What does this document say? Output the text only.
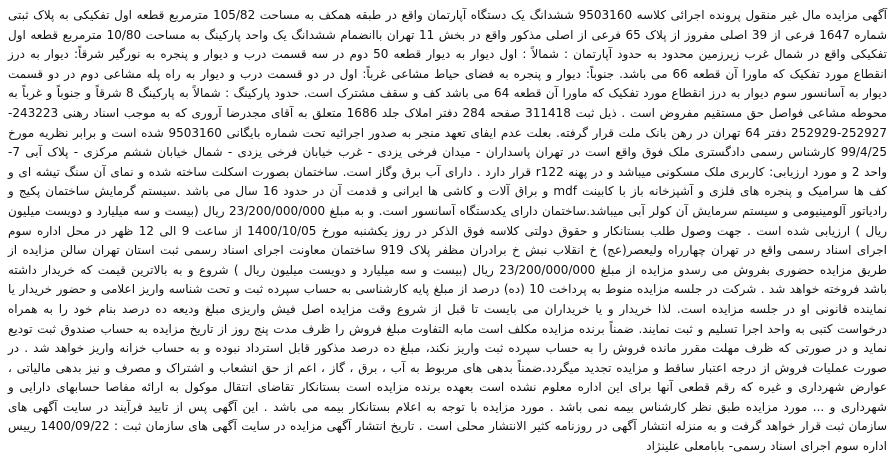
آگهی مزایده مال غیر منقول پرونده اجرائی کلاسه 9503160 ششدانگ یک دستگاه آپارتمان واقع در طبقه همکف به مساحت 105/82 مترمربع قطعه اول تفکیکی به پلاک ثبتی شماره 1647 فرعی از 39 اصلی مفروز از پلاک 65 فرعی از اصلی مذکور واقع در بخش 11 تهران باانضمام ششدانگ یک واحد پارکینگ به مساحت 10/80 مترمربع قطعه اول تفکیکی واقع در شمال غرب زیرزمین محدود به حدود آپارتمان : شمالاً : اول دیوار به دیوار قطعه 50 دوم در سه قسمت درب و دیوار و پنجره به نورگیر شرقاً: دیوار به درز انقطاع مورد تفکیک که ماورا آن قطعه 66 می باشد. جنوباً: دیوار و پنجره به فضای حیاط مشاعی غرباً: اول در دو قسمت درب و دیوار به راه پله مشاعی دوم در دو قسمت دیوار به آسانسور سوم دیوار به درز انقطاع مورد تفکیک که ماورا آن قطعه 64 می باشد کف و سقف مشترک است. حدود پارکینگ : شمالاً به پارکینگ 8 شرقاً و جنوباً و غرباً به محوطه مشاعی فواصل حق مستقیم مفروض است . ذیل ثبت 311418 صفحه 284 دفتر املاک جلد 1686 متعلق به آقای مجدرضا آروری که به موجب اسناد رهنی 243223-252927-252929 دفتر 64 تهران در رهن بانک ملت قرار گرفته. بعلت عدم ایفای تعهد منجر به صدور اجرائیه تحت شماره بایگانی 9503160 شده است و برابر نظریه مورخ 99/4/25 کارشناس رسمی دادگستری ملک فوق واقع است در تهران پاسداران - میدان فرخی یزدی - غرب خیابان فرخی یزدی - شمال خیابان ششم مرکزی - پلاک آبی 7- واحد 2 و مورد ارزیابی: کاربری ملک مسکونی میباشد و در پهنه r122 قرار دارد . دارای آب برق وگاز است. ساختمان بصورت اسکلت ساخته شده و نمای آن سنگ تیشه ای و کف ها سرامیک و پنجره های فلزی و آشپزخانه باز با کابینت mdf و براق آلات و کاشی ها ایرانی و قدمت آن در حدود 16 سال می باشد .سیستم گرمایش ساختمان پکیج و رادیاتور آلومینیومی و سیستم سرمایش آن کولر آبی میباشد.ساختمان دارای یکدستگاه آسانسور است. و به مبلغ 23/200/000/000 ریال (بیست و سه میلیارد و دویست میلیون ریال ) ارزیابی شده است . جهت وصول طلب بستانکار و حقوق دولتی کلاسه فوق الذکر در روز یکشنبه مورخ 1400/10/05 از ساعت 9 الی 12 ظهر در محل اداره سوم اجرای اسناد رسمی واقع در تهران چهارراه ولیعصر(عج) خ انقلاب نبش خ برادران مظفر پلاک 919 ساختمان معاونت اجرای اسناد رسمی ثبت استان تهران سالن مزایده از طریق مزایده حضوری بفروش می رسدو مزایده از مبلغ 23/200/000/000 ریال (بیست و سه میلیارد و دویست میلیون ریال ) شروع و به بالاترین قیمت که خریدار داشته باشد فروخته خواهد شد . شرکت در جلسه مزایده منوط به پرداخت 10 (ده) درصد از مبلغ پایه کارشناسی به حساب سپرده ثبت و تحت شناسه واریز اعلامی و حضور خریدار یا نماینده قانونی او در جلسه مزایده است. لذا خریدار و یا خریداران می بایست تا قبل از شروع وقت مزایده اصل فیش واریزی مبلغ ودیعه ده درصد بنام خود را به همراه درخواست کتبی به واحد اجرا تسلیم و ثبت نمایند. ضمناً برنده مزایده مکلف است مابه التفاوت مبلغ فروش را ظرف مدت پنج روز از تاریخ مزایده به حساب صندوق ثبت تودیع نماید و در صورتی که ظرف مهلت مقرر مانده فروش را به حساب سپرده ثبت واریز نکند، مبلغ ده درصد مذکور قابل استرداد نبوده و به حساب خزانه واریز خواهد شد . در صورت عملیات فروش از درجه اعتبار ساقط و مزایده تجدید میگردد.ضمناً بدهی های مربوط به آب ، برق ، گاز ، اعم از حق انشعاب و اشتراک و مصرف و نیز بدهی مالیاتی ، عوارض شهرداری و غیره که رقم قطعی آنها برای این اداره معلوم نشده است بعهده برنده مزایده است بستانکار تقاضای انتقال موکول به ارائه مفاصا حسابهای دارایی و شهرداری و ... مورد مزایده طبق نظر کارشناس بیمه نمی باشد . مورد مزایده با توجه به اعلام بستانکار بیمه می باشد . این آگهی پس از تایید فرآیند در سایت آگهی های سازمان ثبت قرار خواهد گرفت و به منزله انتشار آگهی در روزنامه کثیر الانتشار محلی است . تاریخ انتشار آگهی مزایده در سایت آگهی های سازمان ثبت : 1400/09/22 رییس اداره سوم اجرای اسناد رسمی- بابامعلی علینژاد
